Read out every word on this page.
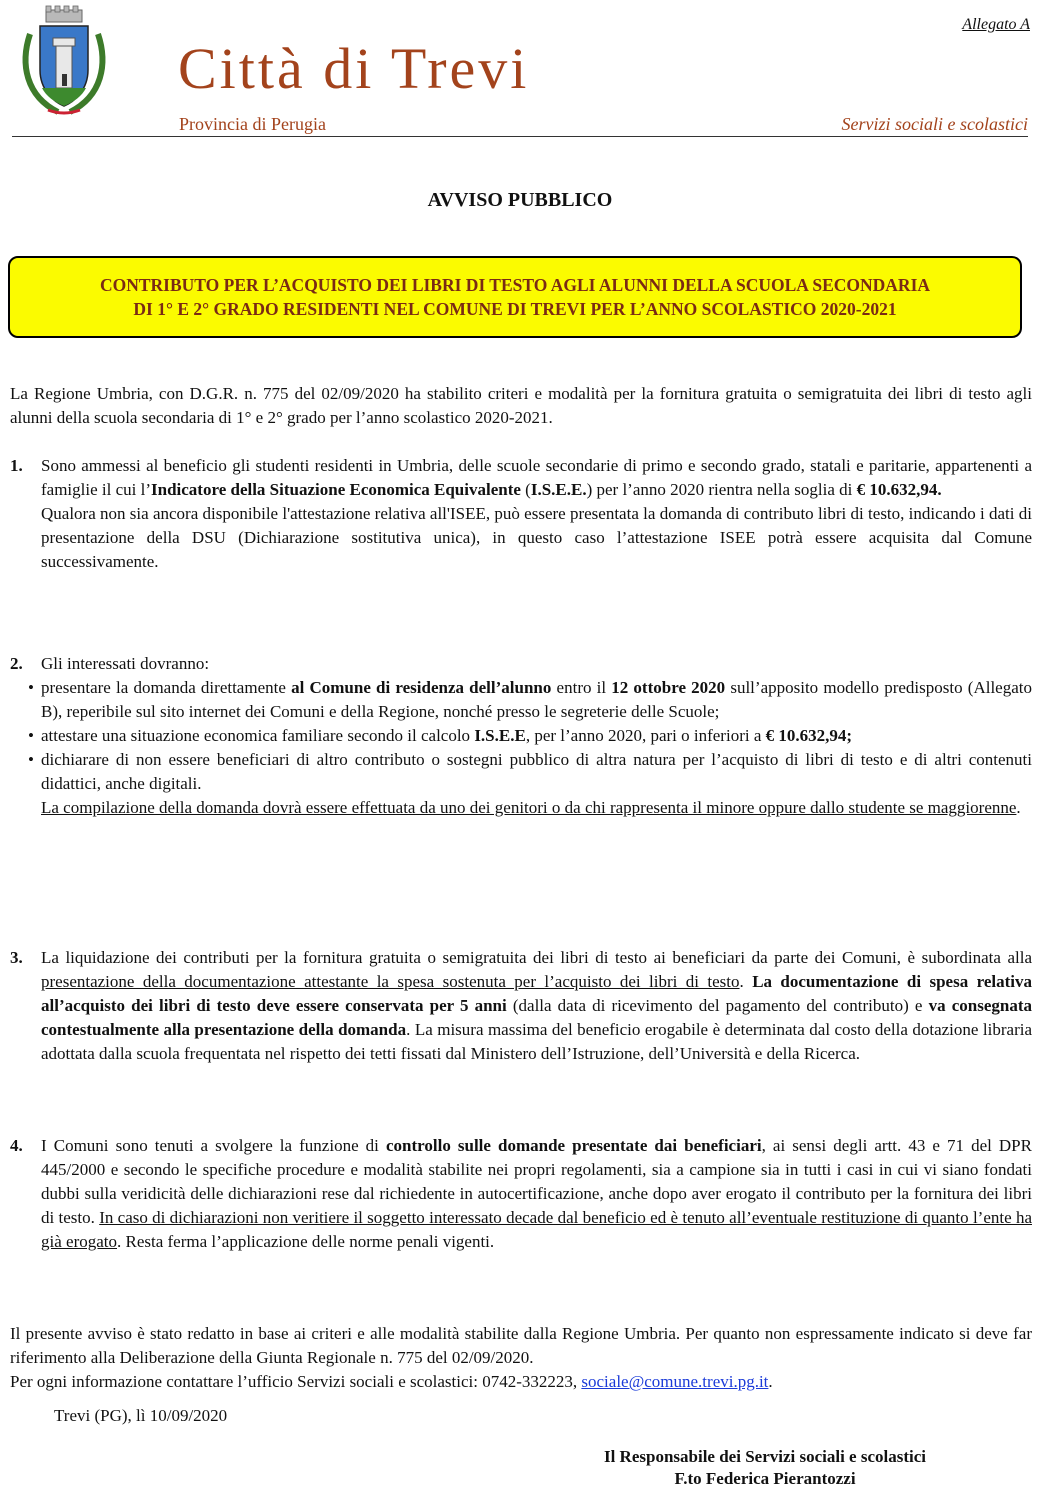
Città di Trevi
Provincia di Perugia
Allegato A
Servizi sociali e scolastici
AVVISO PUBBLICO
CONTRIBUTO PER L’ACQUISTO DEI LIBRI DI TESTO AGLI ALUNNI DELLA SCUOLA SECONDARIA
DI 1° E 2° GRADO RESIDENTI NEL COMUNE DI TREVI PER L’ANNO SCOLASTICO 2020-2021
La Regione Umbria, con D.G.R. n. 775 del 02/09/2020 ha stabilito criteri e modalità per la fornitura gratuita o semigratuita dei libri di testo agli alunni della scuola secondaria di 1° e 2° grado per l’anno scolastico 2020-2021.
1. Sono ammessi al beneficio gli studenti residenti in Umbria, delle scuole secondarie di primo e secondo grado, statali e paritarie, appartenenti a famiglie il cui l’Indicatore della Situazione Economica Equivalente (I.S.E.E.) per l’anno 2020 rientra nella soglia di € 10.632,94.

Qualora non sia ancora disponibile l'attestazione relativa all'ISEE, può essere presentata la domanda di contributo libri di testo, indicando i dati di presentazione della DSU (Dichiarazione sostitutiva unica), in questo caso l’attestazione ISEE potrà essere acquisita dal Comune successivamente.

2. Gli interessati dovranno:

• presentare la domanda direttamente al Comune di residenza dell’alunno entro il 12 ottobre 2020 sull’apposito modello predisposto (Allegato B), reperibile sul sito internet dei Comuni e della Regione, nonché presso le segreterie delle Scuole;

• attestare una situazione economica familiare secondo il calcolo I.S.E.E, per l’anno 2020, pari o inferiori a € 10.632,94;

• dichiarare di non essere beneficiari di altro contributo o sostegni pubblico di altra natura per l’acquisto di libri di testo e di altri contenuti didattici, anche digitali.

La compilazione della domanda dovrà essere effettuata da uno dei genitori o da chi rappresenta il minore oppure dallo studente se maggiorenne.

3. La liquidazione dei contributi per la fornitura gratuita o semigratuita dei libri di testo ai beneficiari da parte dei Comuni, è subordinata alla presentazione della documentazione attestante la spesa sostenuta per l’acquisto dei libri di testo. La documentazione di spesa relativa all’acquisto dei libri di testo deve essere conservata per 5 anni (dalla data di ricevimento del pagamento del contributo) e va consegnata contestualmente alla presentazione della domanda. La misura massima del beneficio erogabile è determinata dal costo della dotazione libraria adottata dalla scuola frequentata nel rispetto dei tetti fissati dal Ministero dell’Istruzione, dell’Università e della Ricerca.

4. I Comuni sono tenuti a svolgere la funzione di controllo sulle domande presentate dai beneficiari, ai sensi degli artt. 43 e 71 del DPR 445/2000 e secondo le specifiche procedure e modalità stabilite nei propri regolamenti, sia a campione sia in tutti i casi in cui vi siano fondati dubbi sulla veridicità delle dichiarazioni rese dal richiedente in autocertificazione, anche dopo aver erogato il contributo per la fornitura dei libri di testo. In caso di dichiarazioni non veritiere il soggetto interessato decade dal beneficio ed è tenuto all’eventuale restituzione di quanto l’ente ha già erogato. Resta ferma l’applicazione delle norme penali vigenti.

Il presente avviso è stato redatto in base ai criteri e alle modalità stabilite dalla Regione Umbria. Per quanto non espressamente indicato si deve far riferimento alla Deliberazione della Giunta Regionale n. 775 del 02/09/2020.
Per ogni informazione contattare l’ufficio Servizi sociali e scolastici: 0742-332223, sociale@comune.trevi.pg.it.
Trevi (PG), lì 10/09/2020
Il Responsabile dei Servizi sociali e scolastici
F.to Federica Pierantozzi
